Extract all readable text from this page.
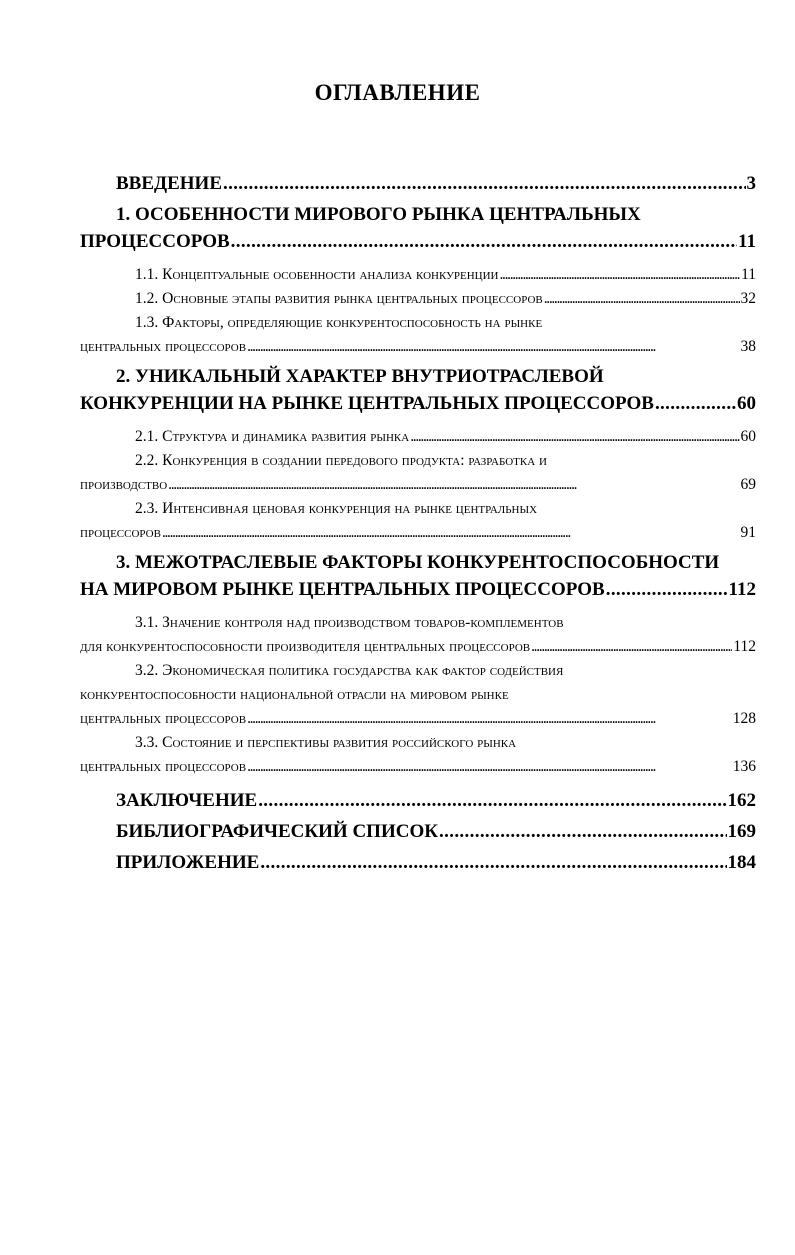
ОГЛАВЛЕНИЕ
ВВЕДЕНИЕ . . .	3
1. ОСОБЕННОСТИ МИРОВОГО РЫНКА ЦЕНТРАЛЬНЫХ
ПРОЦЕССОРОВ . . .	11
1.1. Концептуальные особенности анализа конкуренции . . .	11
1.2. Основные этапы развития рынка центральных процессоров . . .	32
1.3. Факторы, определяющие конкурентоспособность на рынке
центральных процессоров . . .	38
2. УНИКАЛЬНЫЙ ХАРАКТЕР ВНУТРИОТРАСЛЕВОЙ
КОНКУРЕНЦИИ НА РЫНКЕ ЦЕНТРАЛЬНЫХ ПРОЦЕССОРОВ . . .	60
2.1. Структура и динамика развития рынка . . .	60
2.2. Конкуренция в создании передового продукта: разработка и
производство . . .	69
2.3. Интенсивная ценовая конкуренция на рынке центральных
процессоров . . .	91
3. МЕЖОТРАСЛЕВЫЕ ФАКТОРЫ КОНКУРЕНТОСПОСОБНОСТИ
НА МИРОВОМ РЫНКЕ ЦЕНТРАЛЬНЫХ ПРОЦЕССОРОВ . . .	112
3.1. Значение контроля над производством товаров-комплементов
для конкурентоспособности производителя центральных процессоров . . .	112
3.2. Экономическая политика государства как фактор содействия
конкурентоспособности национальной отрасли на мировом рынке
центральных процессоров . . .	128
3.3. Состояние и перспективы развития российского рынка
центральных процессоров . . .	136
ЗАКЛЮЧЕНИЕ . . .	162
БИБЛИОГРАФИЧЕСКИЙ СПИСОК . . .	169
ПРИЛОЖЕНИЕ . . .	184
